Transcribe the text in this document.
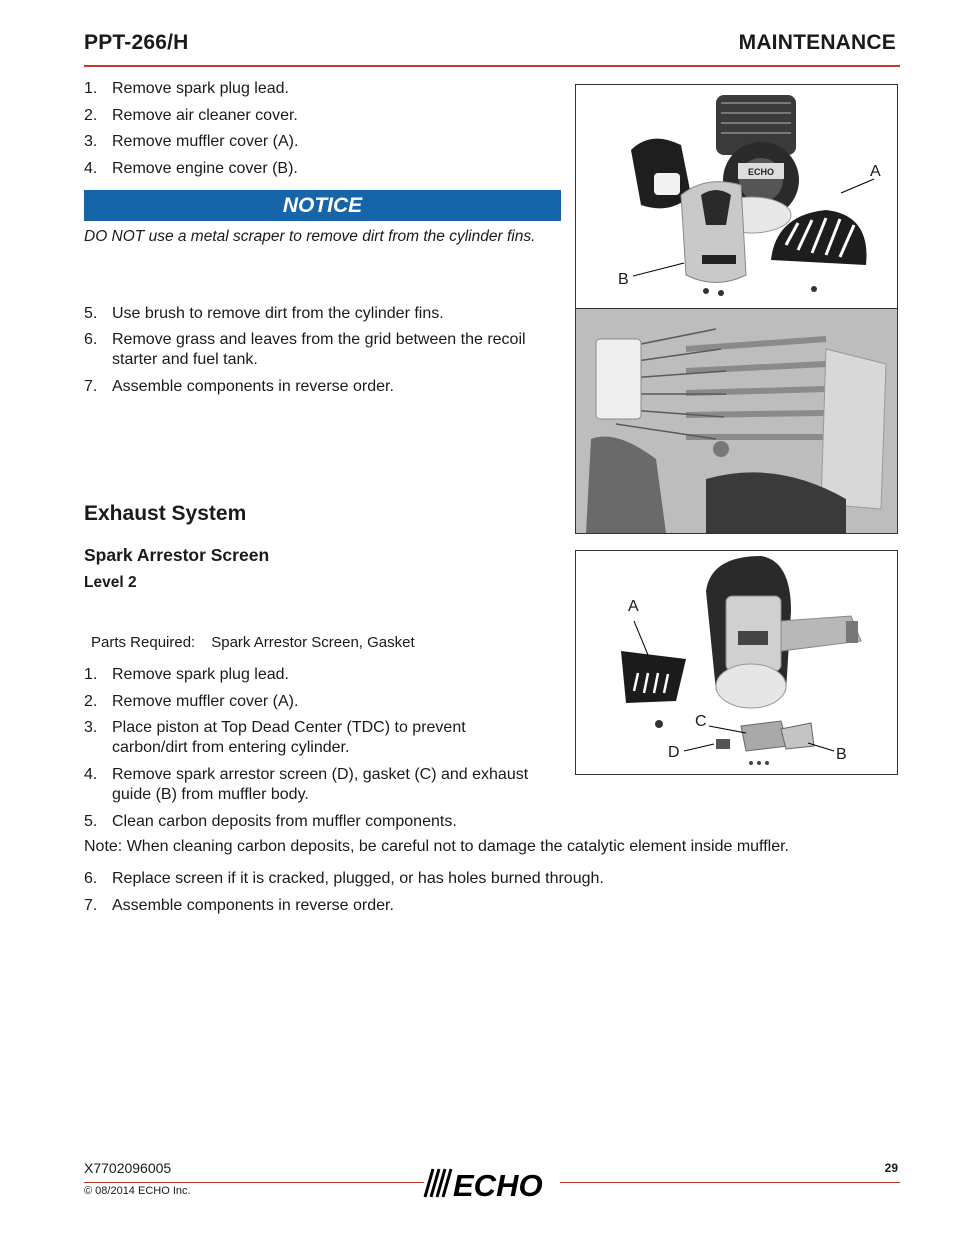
PPT-266/H	MAINTENANCE
1. Remove spark plug lead.
2. Remove air cleaner cover.
3. Remove muffler cover (A).
4. Remove engine cover (B).
NOTICE
DO NOT use a metal scraper to remove dirt from the cylinder fins.
5. Use brush to remove dirt from the cylinder fins.
6. Remove grass and leaves from the grid between the recoil starter and fuel tank.
7. Assemble components in reverse order.
Exhaust System
Spark Arrestor Screen
Level 2
Parts Required: Spark Arrestor Screen, Gasket
1. Remove spark plug lead.
2. Remove muffler cover (A).
3. Place piston at Top Dead Center (TDC) to prevent carbon/dirt from entering cylinder.
4. Remove spark arrestor screen (D), gasket (C) and exhaust guide (B) from muffler body.
5. Clean carbon deposits from muffler components.
Note: When cleaning carbon deposits, be careful not to damage the catalytic element inside muffler.
6. Replace screen if it is cracked, plugged, or has holes burned through.
7. Assemble components in reverse order.
ECHO	A
B
A
C
D	B
X7702096005
© 08/2014 ECHO Inc.
29
ECHO
